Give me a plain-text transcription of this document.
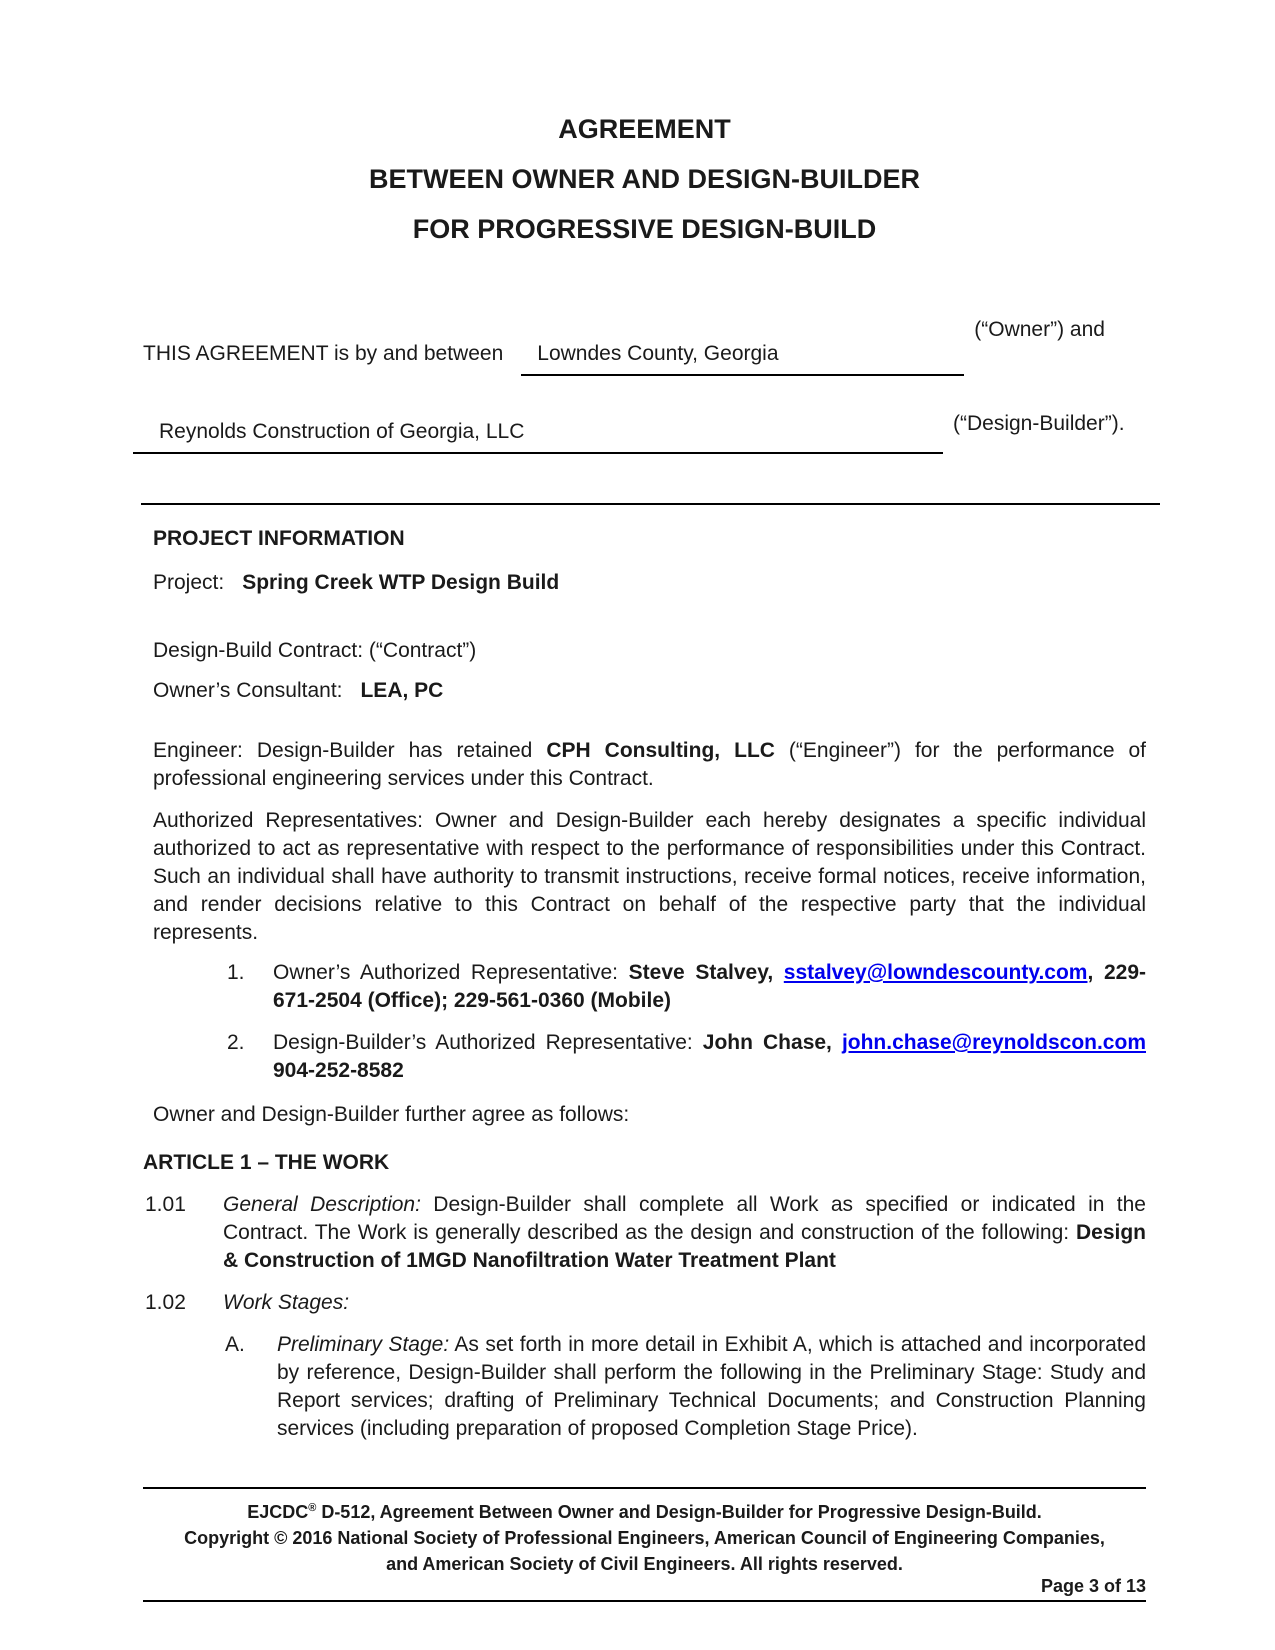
AGREEMENT
BETWEEN OWNER AND DESIGN-BUILDER
FOR PROGRESSIVE DESIGN-BUILD
THIS AGREEMENT is by and between	Lowndes County, Georgia
(“Owner”) and
Reynolds Construction of Georgia, LLC	(“Design-Builder”).
PROJECT INFORMATION
Project: Spring Creek WTP Design Build
Design-Build Contract: (“Contract”)
Owner’s Consultant: LEA, PC
Engineer: Design-Builder has retained CPH Consulting, LLC (“Engineer”) for the performance of professional engineering services under this Contract.
Authorized Representatives: Owner and Design-Builder each hereby designates a specific individual authorized to act as representative with respect to the performance of responsibilities under this Contract. Such an individual shall have authority to transmit instructions, receive formal notices, receive information, and render decisions relative to this Contract on behalf of the respective party that the individual represents.
1.	Owner’s Authorized Representative: Steve Stalvey, sstalvey@lowndescounty.com, 229-671-2504 (Office); 229-561-0360 (Mobile)
2.	Design-Builder’s Authorized Representative: John Chase, john.chase@reynoldscon.com 904-252-8582
Owner and Design-Builder further agree as follows:
ARTICLE 1 – THE WORK
1.01	General Description: Design-Builder shall complete all Work as specified or indicated in the Contract. The Work is generally described as the design and construction of the following: Design & Construction of 1MGD Nanofiltration Water Treatment Plant
1.02	Work Stages:
A.	Preliminary Stage: As set forth in more detail in Exhibit A, which is attached and incorporated by reference, Design-Builder shall perform the following in the Preliminary Stage: Study and Report services; drafting of Preliminary Technical Documents; and Construction Planning services (including preparation of proposed Completion Stage Price).
EJCDC® D-512, Agreement Between Owner and Design-Builder for Progressive Design-Build.
Copyright © 2016 National Society of Professional Engineers, American Council of Engineering Companies,
and American Society of Civil Engineers. All rights reserved.
Page 3 of 13
